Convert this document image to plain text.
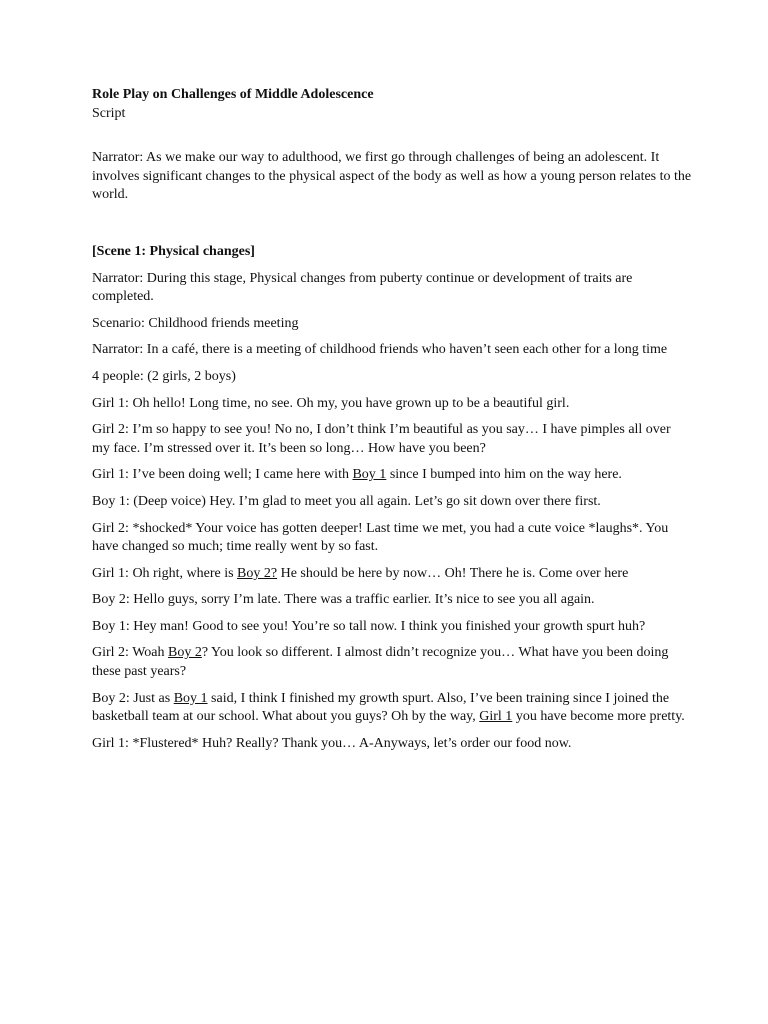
Role Play on Challenges of Middle Adolescence

Script

Narrator: As we make our way to adulthood, we first go through challenges of being an adolescent. It involves significant changes to the physical aspect of the body as well as how a young person relates to the world.

[Scene 1: Physical changes]

Narrator: During this stage, Physical changes from puberty continue or development of traits are completed.

Scenario: Childhood friends meeting

Narrator: In a café, there is a meeting of childhood friends who haven’t seen each other for a long time

4 people: (2 girls, 2 boys)

Girl 1: Oh hello! Long time, no see. Oh my, you have grown up to be a beautiful girl.

Girl 2: I’m so happy to see you! No no, I don’t think I’m beautiful as you say… I have pimples all over my face. I’m stressed over it. It’s been so long… How have you been?

Girl 1: I’ve been doing well; I came here with Boy 1 since I bumped into him on the way here.

Boy 1: (Deep voice) Hey. I’m glad to meet you all again. Let’s go sit down over there first.

Girl 2: *shocked* Your voice has gotten deeper! Last time we met, you had a cute voice *laughs*. You have changed so much; time really went by so fast.

Girl 1: Oh right, where is Boy 2? He should be here by now… Oh! There he is. Come over here

Boy 2: Hello guys, sorry I’m late. There was a traffic earlier. It’s nice to see you all again.

Boy 1: Hey man! Good to see you! You’re so tall now. I think you finished your growth spurt huh?

Girl 2: Woah Boy 2? You look so different. I almost didn’t recognize you… What have you been doing these past years?

Boy 2: Just as Boy 1 said, I think I finished my growth spurt. Also, I’ve been training since I joined the basketball team at our school. What about you guys? Oh by the way, Girl 1 you have become more pretty.

Girl 1: *Flustered* Huh? Really? Thank you… A-Anyways, let’s order our food now.
